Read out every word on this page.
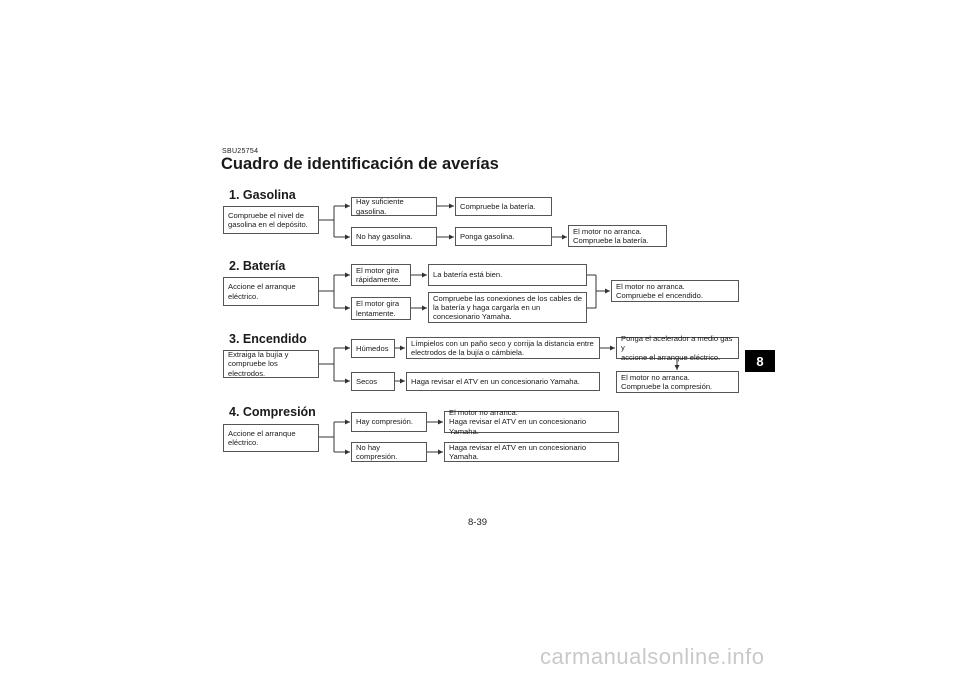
SBU25754
Cuadro de identificación de averías
1. Gasolina
Compruebe el nivel de
gasolina en el depósito.
Hay suficiente gasolina.
No hay gasolina.
Compruebe la batería.
Ponga gasolina.
El motor no arranca.
Compruebe la batería.
2. Batería
Accione el arranque
eléctrico.
El motor gira
rápidamente.
El motor gira
lentamente.
La batería está bien.
Compruebe las conexiones de los cables de
la batería y haga cargarla en un
concesionario Yamaha.
El motor no arranca.
Compruebe el encendido.
3. Encendido
Extraiga la bujía y
compruebe los electrodos.
Húmedos
Secos
Límpielos con un paño seco y corrija la distancia entre
electrodos de la bujía o cámbiela.
Haga revisar el ATV en un concesionario Yamaha.
Ponga el acelerador a medio gas y
accione el arranque eléctrico.
El motor no arranca.
Compruebe la compresión.
4. Compresión
Accione el arranque
eléctrico.
Hay compresión.
No hay compresión.
El motor no arranca.
Haga revisar el ATV en un concesionario Yamaha.
Haga revisar el ATV en un concesionario Yamaha.
8
8-39
carmanualsonline.info
